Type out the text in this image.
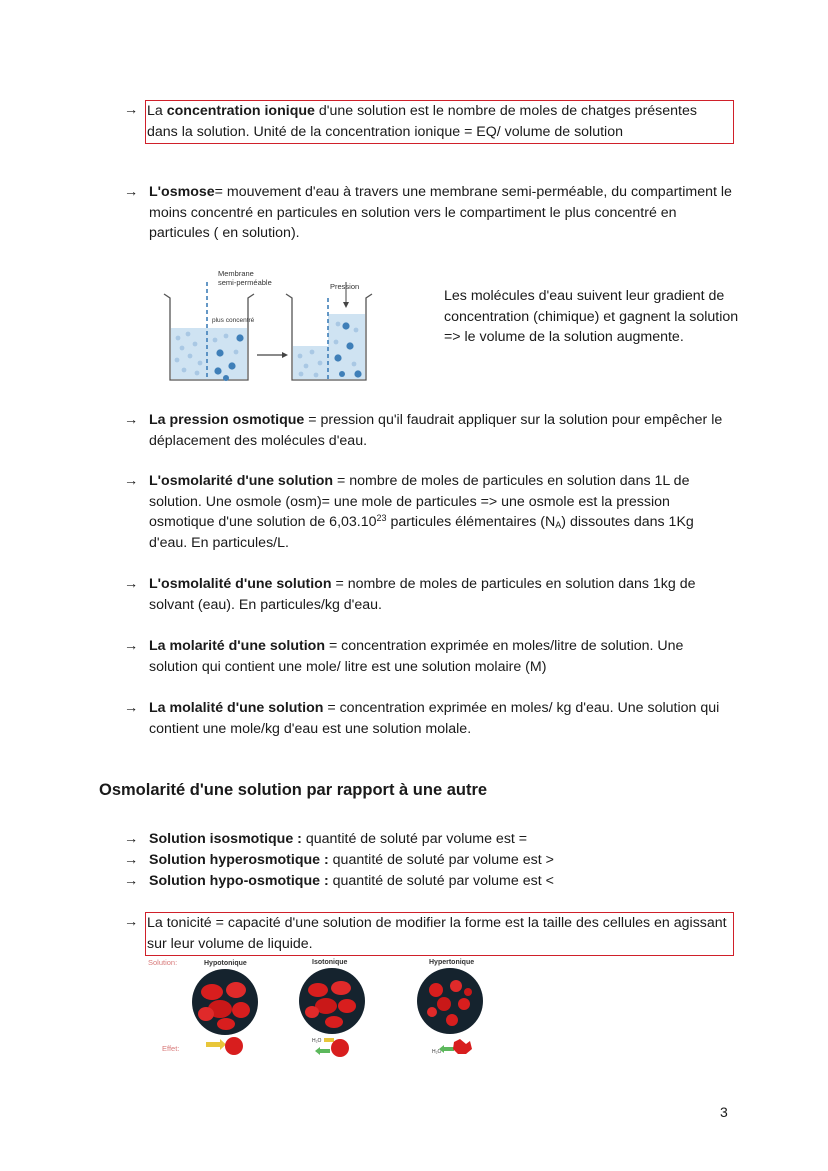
→ La concentration ionique d'une solution est le nombre de moles de chatges présentes dans la solution. Unité de la concentration ionique = EQ/ volume de solution
→ L'osmose= mouvement d'eau à travers une membrane semi-perméable, du compartiment le moins concentré en particules en solution vers le compartiment le plus concentré en particules ( en solution).
Membrane
semi-perméable	Pression
plus concentré
Les molécules d'eau suivent leur gradient de concentration (chimique) et gagnent la solution => le volume de la solution augmente.
→ La pression osmotique = pression qu'il faudrait appliquer sur la solution pour empêcher le déplacement des molécules d'eau.
→ L'osmolarité d'une solution = nombre de moles de particules en solution dans 1L de solution. Une osmole (osm)= une mole de particules => une osmole est la pression osmotique d'une solution de 6,03.10$^{23}$ particules élémentaires $(N_A)$ dissoutes dans 1Kg d'eau. En particules/L.
→ L'osmolalité d'une solution = nombre de moles de particules en solution dans 1kg de solvant (eau). En particules/kg d'eau.
→ La molarité d'une solution = concentration exprimée en moles/litre de solution. Une solution qui contient une mole/ litre est une solution molaire (M)
→ La molalité d'une solution = concentration exprimée en moles/ kg d'eau. Une solution qui contient une mole/kg d'eau est une solution molale.
Osmolarité d'une solution par rapport à une autre
→ Solution isosmotique : quantité de soluté par volume est =
→ Solution hyperosmotique : quantité de soluté par volume est >
→ Solution hypo-osmotique : quantité de soluté par volume est <
→ La tonicité = capacité d'une solution de modifier la forme est la taille des cellules en agissant sur leur volume de liquide.
Solution:
Effet:
Hypotonique	Isotonique	Hypertonique
H₂O
H₂O
3
